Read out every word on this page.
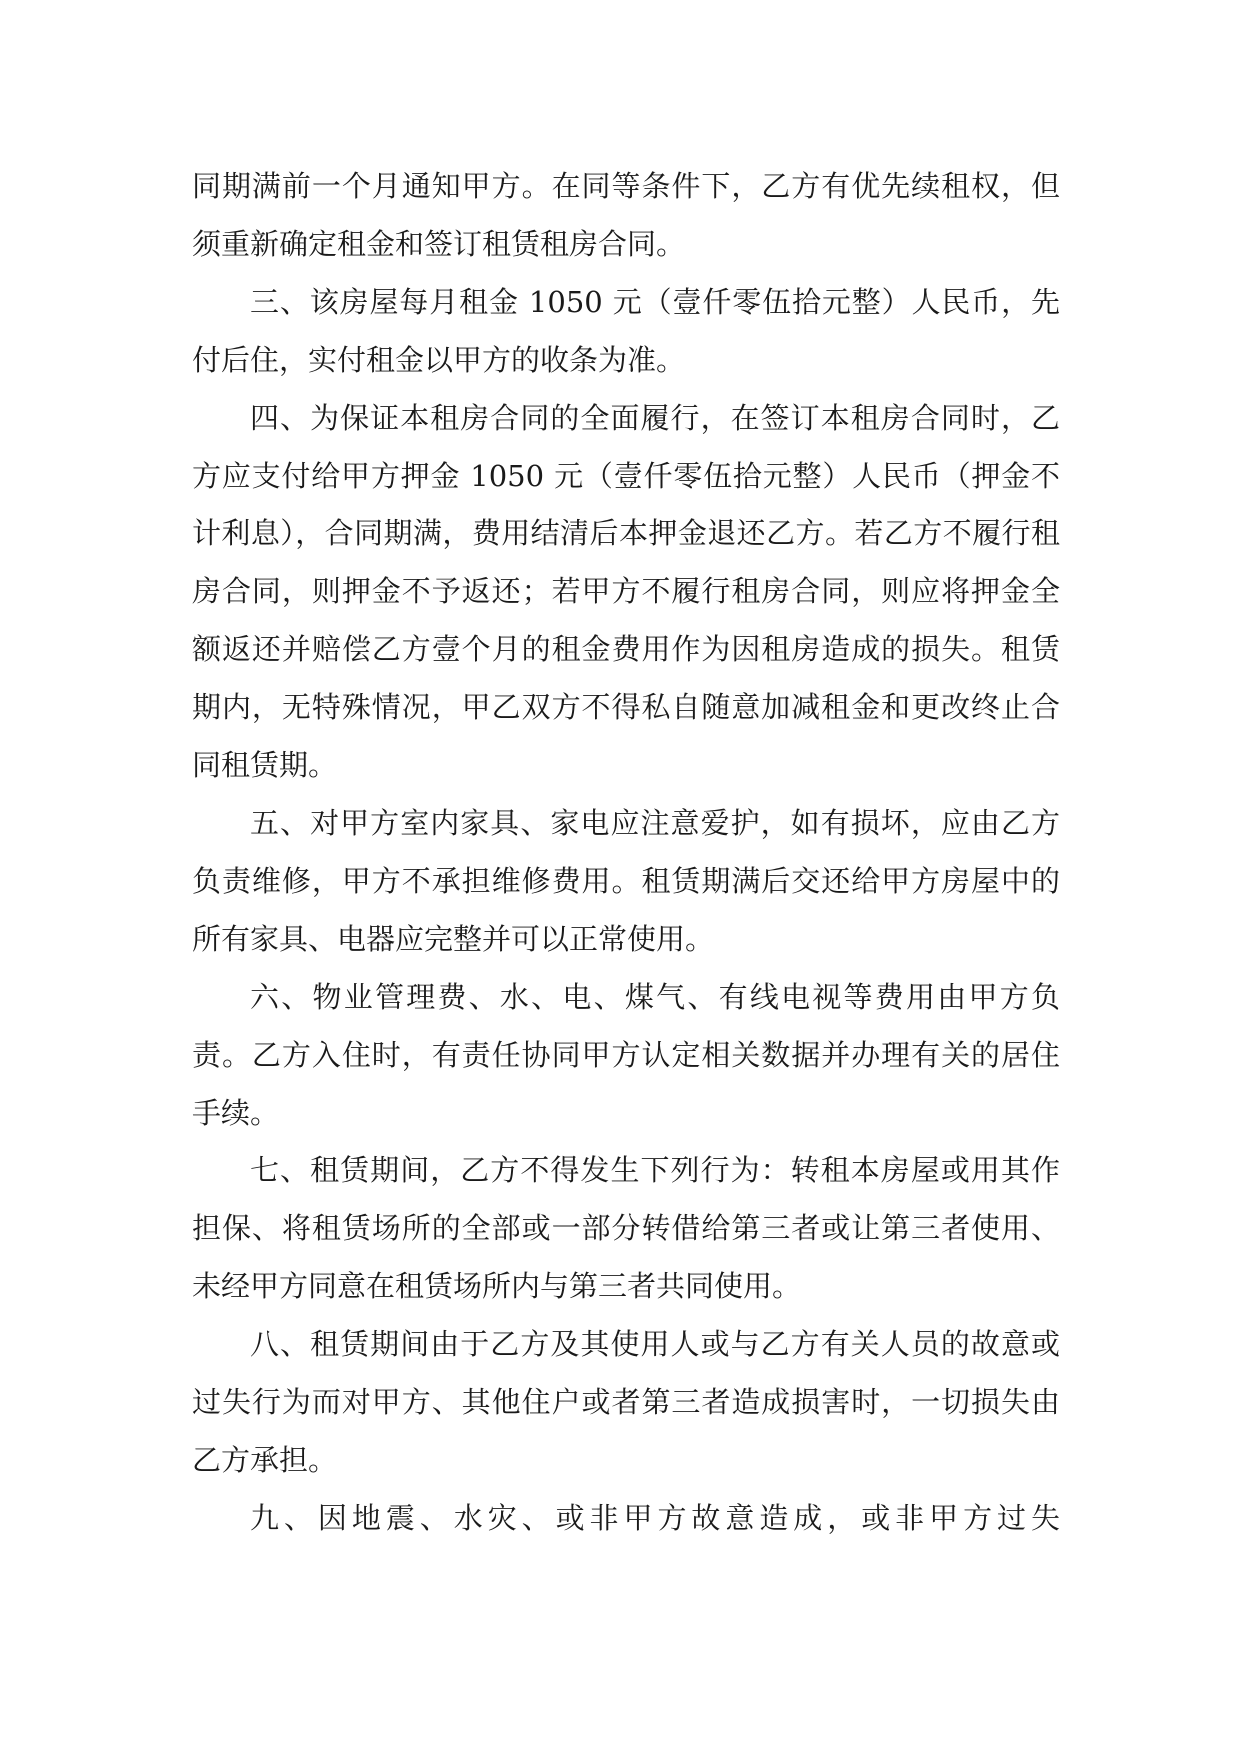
同期满前一个月通知甲方。在同等条件下，乙方有优先续租权，但须重新确定租金和签订租赁租房合同。

三、该房屋每月租金 1050 元（壹仟零伍拾元整）人民币，先付后住，实付租金以甲方的收条为准。

四、为保证本租房合同的全面履行，在签订本租房合同时，乙方应支付给甲方押金 1050 元（壹仟零伍拾元整）人民币（押金不计利息），合同期满，费用结清后本押金退还乙方。若乙方不履行租房合同，则押金不予返还；若甲方不履行租房合同，则应将押金全额返还并赔偿乙方壹个月的租金费用作为因租房造成的损失。租赁期内，无特殊情况，甲乙双方不得私自随意加减租金和更改终止合同租赁期。

五、对甲方室内家具、家电应注意爱护，如有损坏，应由乙方负责维修，甲方不承担维修费用。租赁期满后交还给甲方房屋中的所有家具、电器应完整并可以正常使用。

六、物业管理费、水、电、煤气、有线电视等费用由甲方负责。乙方入住时，有责任协同甲方认定相关数据并办理有关的居住手续。

七、租赁期间，乙方不得发生下列行为：转租本房屋或用其作担保、将租赁场所的全部或一部分转借给第三者或让第三者使用、未经甲方同意在租赁场所内与第三者共同使用。

八、租赁期间由于乙方及其使用人或与乙方有关人员的故意或过失行为而对甲方、其他住户或者第三者造成损害时，一切损失由乙方承担。

九、因地震、水灾、或非甲方故意造成，或非甲方过失
